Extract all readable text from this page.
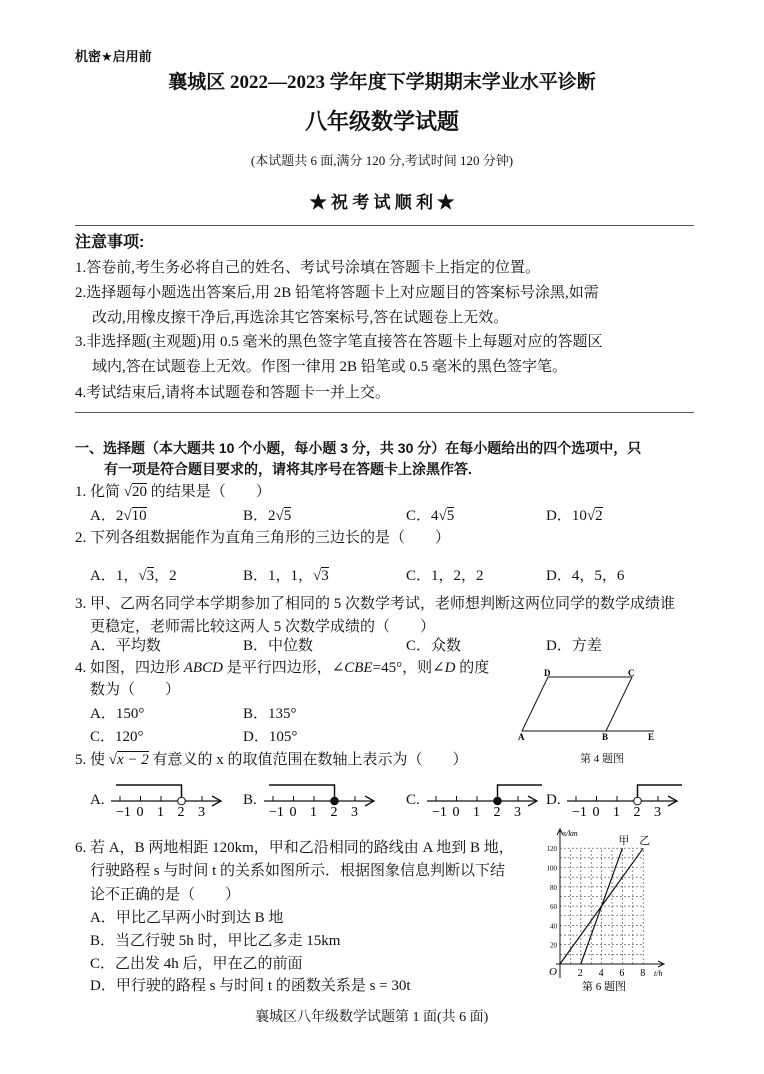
机密★启用前
襄城区 2022—2023 学年度下学期期末学业水平诊断
八年级数学试题
(本试题共 6 面,满分 120 分,考试时间 120 分钟)
★ 祝 考 试 顺 利 ★
注意事项:
1.答卷前,考生务必将自己的姓名、考试号涂填在答题卡上指定的位置。
2.选择题每小题选出答案后,用 2B 铅笔将答题卡上对应题目的答案标号涂黑,如需
改动,用橡皮擦干净后,再选涂其它答案标号,答在试题卷上无效。
3.非选择题(主观题)用 0.5 毫米的黑色签字笔直接答在答题卡上每题对应的答题区
域内,答在试题卷上无效。作图一律用 2B 铅笔或 0.5 毫米的黑色签字笔。
4.考试结束后,请将本试题卷和答题卡一并上交。
一、选择题（本大题共 10 个小题，每小题 3 分，共 30 分）在每小题给出的四个选项中，只
有一项是符合题目要求的，请将其序号在答题卡上涂黑作答.
1. 化简 √20 的结果是（　　）
A．2√10	B．2√5	C．4√5	D．10√2
2. 下列各组数据能作为直角三角形的三边长的是（　　）
A．1，√3，2	B．1，1，√3	C．1，2，2	D．4，5，6
3. 甲、乙两名同学本学期参加了相同的 5 次数学考试，老师想判断这两位同学的数学成绩谁
更稳定，老师需比较这两人 5 次数学成绩的（　　）
A．平均数	B．中位数	C．众数	D．方差
4. 如图，四边形 ABCD 是平行四边形，∠CBE=45°，则∠D 的度
数为（　　）
A．150°	B．135°
C．120°	D．105°
D	C
A	B	E
第 4 题图
5. 使 √x − 2 有意义的 x 的取值范围在数轴上表示为（　　）
A.
−1 0 1 2 3
B.
−1 0 1 2 3
C.
−1 0 1 2 3
D.
−1 0 1 2 3
6. 若 A，B 两地相距 120km，甲和乙沿相同的路线由 A 地到 B 地，
行驶路程 s 与时间 t 的关系如图所示．根据图象信息判断以下结
论不正确的是（　　）
A．甲比乙早两小时到达 B 地
B．当乙行驶 5h 时，甲比乙多走 15km
C．乙出发 4h 后，甲在乙的前面
D．甲行驶的路程 s 与时间 t 的函数关系是 s = 30t
甲 乙
s/km
t/h
O
20
40
60
80
100
120
2 4 6 8
第 6 题图
襄城区八年级数学试题第 1 面(共 6 面)
